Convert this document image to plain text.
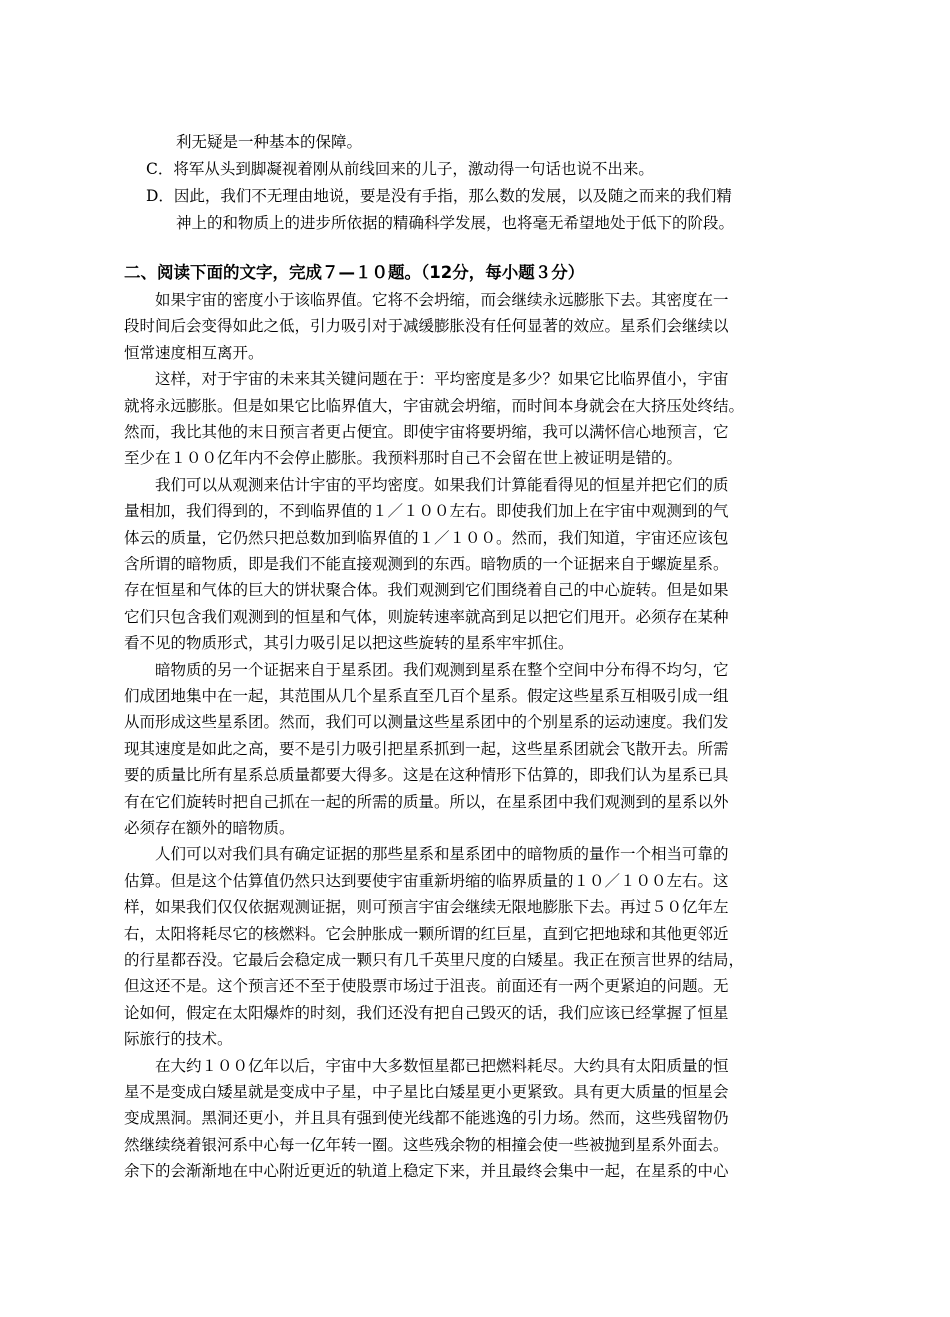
利无疑是一种基本的保障。
C．将军从头到脚凝视着刚从前线回来的儿子，激动得一句话也说不出来。
D．因此，我们不无理由地说，要是没有手指，那么数的发展，以及随之而来的我们精
神上的和物质上的进步所依据的精确科学发展，也将毫无希望地处于低下的阶段。
二、阅读下面的文字，完成７—１０题。（12分，每小题３分）
如果宇宙的密度小于该临界值。它将不会坍缩，而会继续永远膨胀下去。其密度在一
段时间后会变得如此之低，引力吸引对于减缓膨胀没有任何显著的效应。星系们会继续以
恒常速度相互离开。
这样，对于宇宙的未来其关键问题在于：平均密度是多少？如果它比临界值小，宇宙
就将永远膨胀。但是如果它比临界值大，宇宙就会坍缩，而时间本身就会在大挤压处终结。
然而，我比其他的末日预言者更占便宜。即使宇宙将要坍缩，我可以满怀信心地预言，它
至少在１００亿年内不会停止膨胀。我预料那时自己不会留在世上被证明是错的。
我们可以从观测来估计宇宙的平均密度。如果我们计算能看得见的恒星并把它们的质
量相加，我们得到的，不到临界值的１／１００左右。即使我们加上在宇宙中观测到的气
体云的质量，它仍然只把总数加到临界值的１／１００。然而，我们知道，宇宙还应该包
含所谓的暗物质，即是我们不能直接观测到的东西。暗物质的一个证据来自于螺旋星系。
存在恒星和气体的巨大的饼状聚合体。我们观测到它们围绕着自己的中心旋转。但是如果
它们只包含我们观测到的恒星和气体，则旋转速率就高到足以把它们甩开。必须存在某种
看不见的物质形式，其引力吸引足以把这些旋转的星系牢牢抓住。
暗物质的另一个证据来自于星系团。我们观测到星系在整个空间中分布得不均匀，它
们成团地集中在一起，其范围从几个星系直至几百个星系。假定这些星系互相吸引成一组
从而形成这些星系团。然而，我们可以测量这些星系团中的个别星系的运动速度。我们发
现其速度是如此之高，要不是引力吸引把星系抓到一起，这些星系团就会飞散开去。所需
要的质量比所有星系总质量都要大得多。这是在这种情形下估算的，即我们认为星系已具
有在它们旋转时把自己抓在一起的所需的质量。所以，在星系团中我们观测到的星系以外
必须存在额外的暗物质。
人们可以对我们具有确定证据的那些星系和星系团中的暗物质的量作一个相当可靠的
估算。但是这个估算值仍然只达到要使宇宙重新坍缩的临界质量的１０／１００左右。这
样，如果我们仅仅依据观测证据，则可预言宇宙会继续无限地膨胀下去。再过５０亿年左
右，太阳将耗尽它的核燃料。它会肿胀成一颗所谓的红巨星，直到它把地球和其他更邻近
的行星都吞没。它最后会稳定成一颗只有几千英里尺度的白矮星。我正在预言世界的结局，
但这还不是。这个预言还不至于使股票市场过于沮丧。前面还有一两个更紧迫的问题。无
论如何，假定在太阳爆炸的时刻，我们还没有把自己毁灭的话，我们应该已经掌握了恒星
际旅行的技术。
在大约１００亿年以后，宇宙中大多数恒星都已把燃料耗尽。大约具有太阳质量的恒
星不是变成白矮星就是变成中子星，中子星比白矮星更小更紧致。具有更大质量的恒星会
变成黑洞。黑洞还更小，并且具有强到使光线都不能逃逸的引力场。然而，这些残留物仍
然继续绕着银河系中心每一亿年转一圈。这些残余物的相撞会使一些被抛到星系外面去。
余下的会渐渐地在中心附近更近的轨道上稳定下来，并且最终会集中一起，在星系的中心
